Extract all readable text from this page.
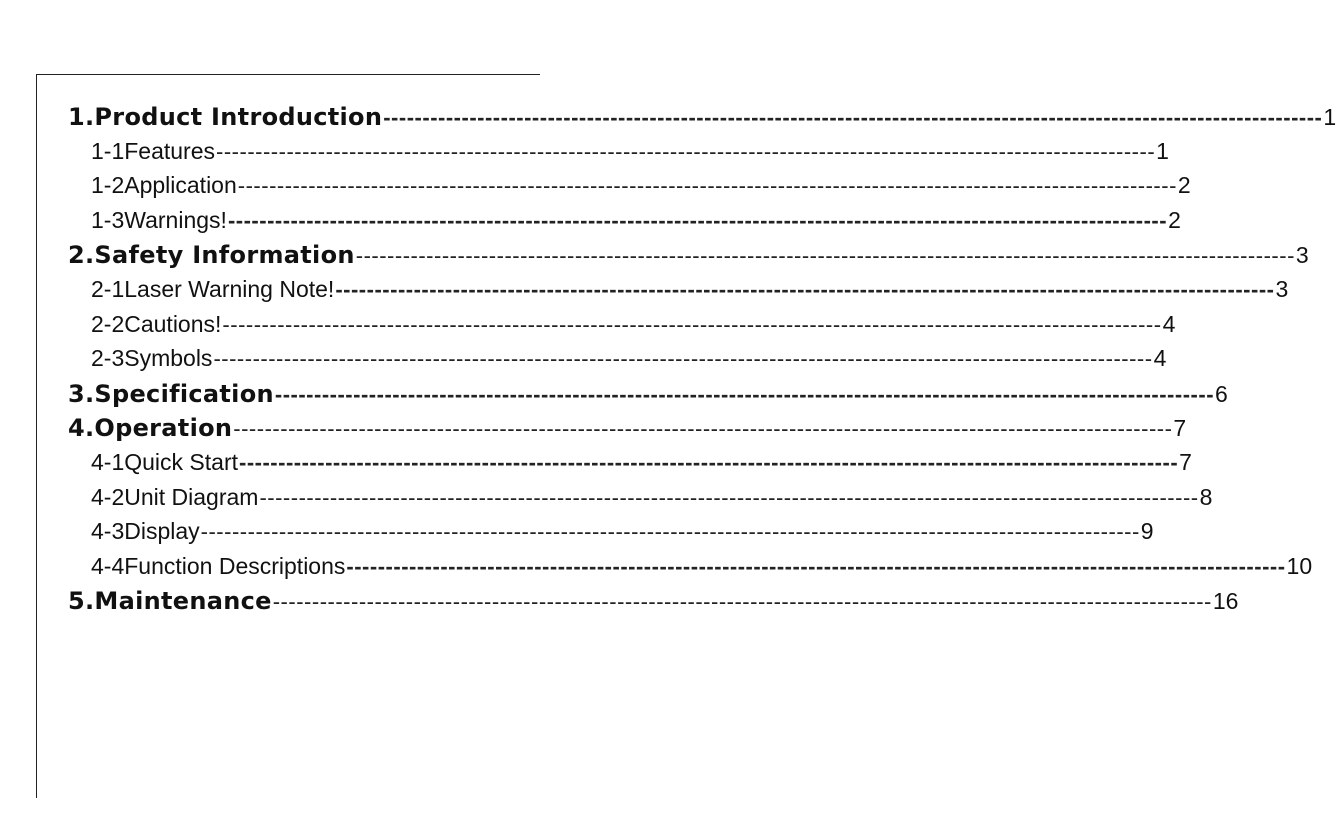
1.Product Introduction ------------------------------------------------------------------------------------------------------------------------ 1
1-1Features ------------------------------------------------------------------------------------------------------------------------ 1
1-2Application ------------------------------------------------------------------------------------------------------------------------ 2
1-3Warnings! ------------------------------------------------------------------------------------------------------------------------ 2
2.Safety Information ------------------------------------------------------------------------------------------------------------------------ 3
2-1Laser Warning Note! ------------------------------------------------------------------------------------------------------------------------ 3
2-2Cautions! ------------------------------------------------------------------------------------------------------------------------ 4
2-3Symbols ------------------------------------------------------------------------------------------------------------------------ 4
3.Specification ------------------------------------------------------------------------------------------------------------------------ 6
4.Operation ------------------------------------------------------------------------------------------------------------------------ 7
4-1Quick Start ------------------------------------------------------------------------------------------------------------------------ 7
4-2Unit Diagram ------------------------------------------------------------------------------------------------------------------------ 8
4-3Display ------------------------------------------------------------------------------------------------------------------------ 9
4-4Function Descriptions ------------------------------------------------------------------------------------------------------------------------ 10
5.Maintenance ------------------------------------------------------------------------------------------------------------------------ 16
